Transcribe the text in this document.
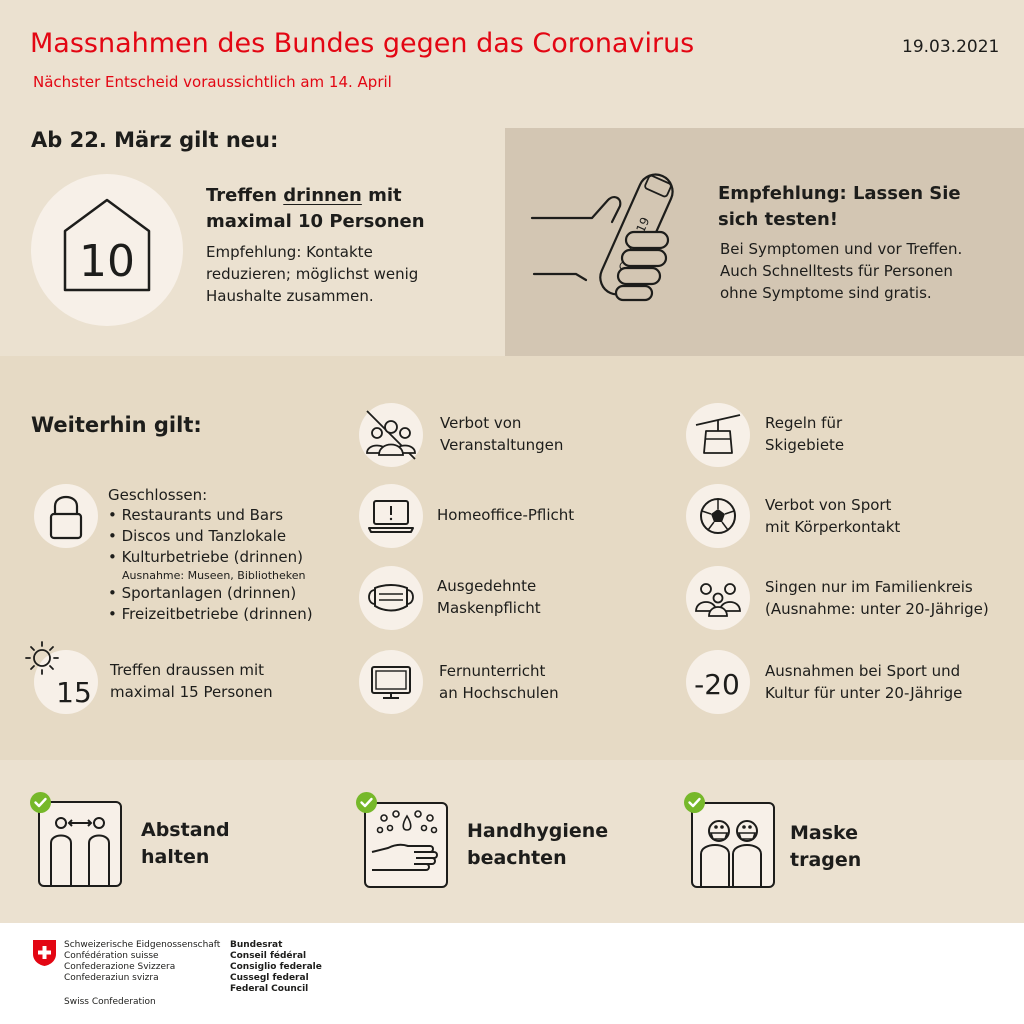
Massnahmen des Bundes gegen das Coronavirus
Nächster Entscheid voraussichtlich am 14. April
19.03.2021
Ab 22. März gilt neu:
10
Treffen drinnen mit maximal 10 Personen
Empfehlung: Kontakte reduzieren; möglichst wenig Haushalte zusammen.
Empfehlung: Lassen Sie sich testen!
Bei Symptomen und vor Treffen. Auch Schnelltests für Personen ohne Symptome sind gratis.
Weiterhin gilt:
Geschlossen:
• Restaurants und Bars
• Discos und Tanzlokale
• Kulturbetriebe (drinnen)
Ausnahme: Museen, Bibliotheken
• Sportanlagen (drinnen)
• Freizeitbetriebe (drinnen)
15
Treffen draussen mit
maximal 15 Personen
Verbot von
Veranstaltungen
Homeoffice-Pflicht
Ausgedehnte
Maskenpflicht
Fernunterricht
an Hochschulen
Regeln für
Skigebiete
Verbot von Sport
mit Körperkontakt
Singen nur im Familienkreis
(Ausnahme: unter 20-Jährige)
-20 Ausnahmen bei Sport und
Kultur für unter 20-Jährige
Abstand
halten
Handhygiene
beachten
Maske
tragen
Schweizerische Eidgenossenschaft
Confédération suisse
Confederazione Svizzera
Confederaziun svizra
Swiss Confederation
Bundesrat
Conseil fédéral
Consiglio federale
Cussegl federal
Federal Council
